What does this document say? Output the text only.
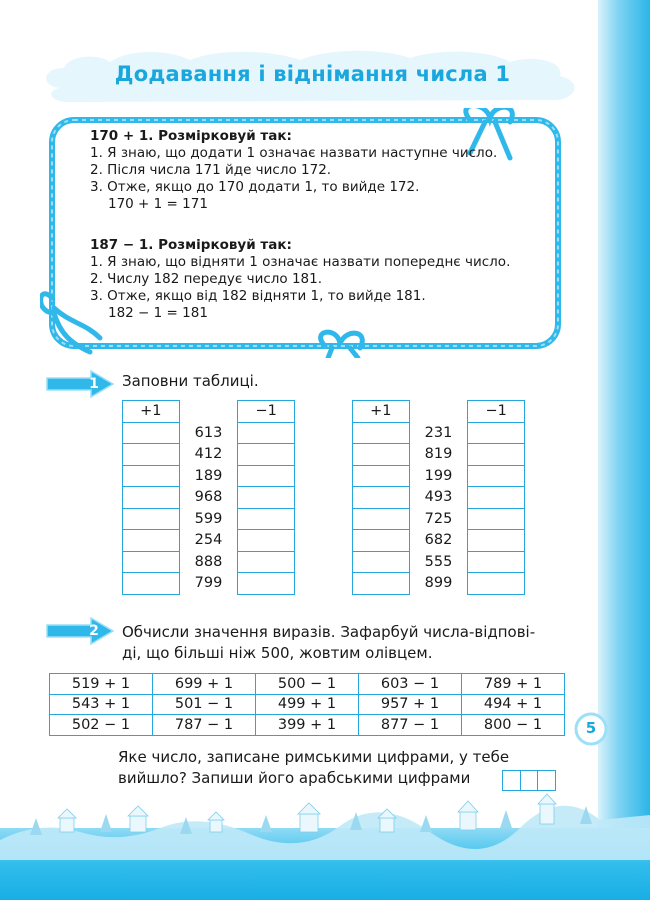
Додавання і віднімання числа 1
170 + 1. Розмірковуй так:
1. Я знаю, що додати 1 означає назвати наступне число.
2. Після числа 171 йде число 172.
3. Отже, якщо до 170 додати 1, то вийде 172.
170 + 1 = 171
187 − 1. Розмірковуй так:
1. Я знаю, що відняти 1 означає назвати попереднє число.
2. Числу 182 передує число 181.
3. Отже, якщо від 182 відняти 1, то вийде 181.
182 − 1 = 181
1	Заповни таблиці.
+1		−1
	613	
	412	
	189	
	968	
	599	
	254	
	888	
	799	
+1		−1
	231	
	819	
	199	
	493	
	725	
	682	
	555	
	899	
2	Обчисли значення виразів. Зафарбуй числа-відпові-
ді, що більші ніж 500, жовтим олівцем.
519 + 1	699 + 1	500 − 1	603 − 1	789 + 1
543 + 1	501 − 1	499 + 1	957 + 1	494 + 1
502 − 1	787 − 1	399 + 1	877 − 1	800 − 1
Яке число, записане римськими цифрами, у тебе
вийшло? Запиши його арабськими цифрами
5
